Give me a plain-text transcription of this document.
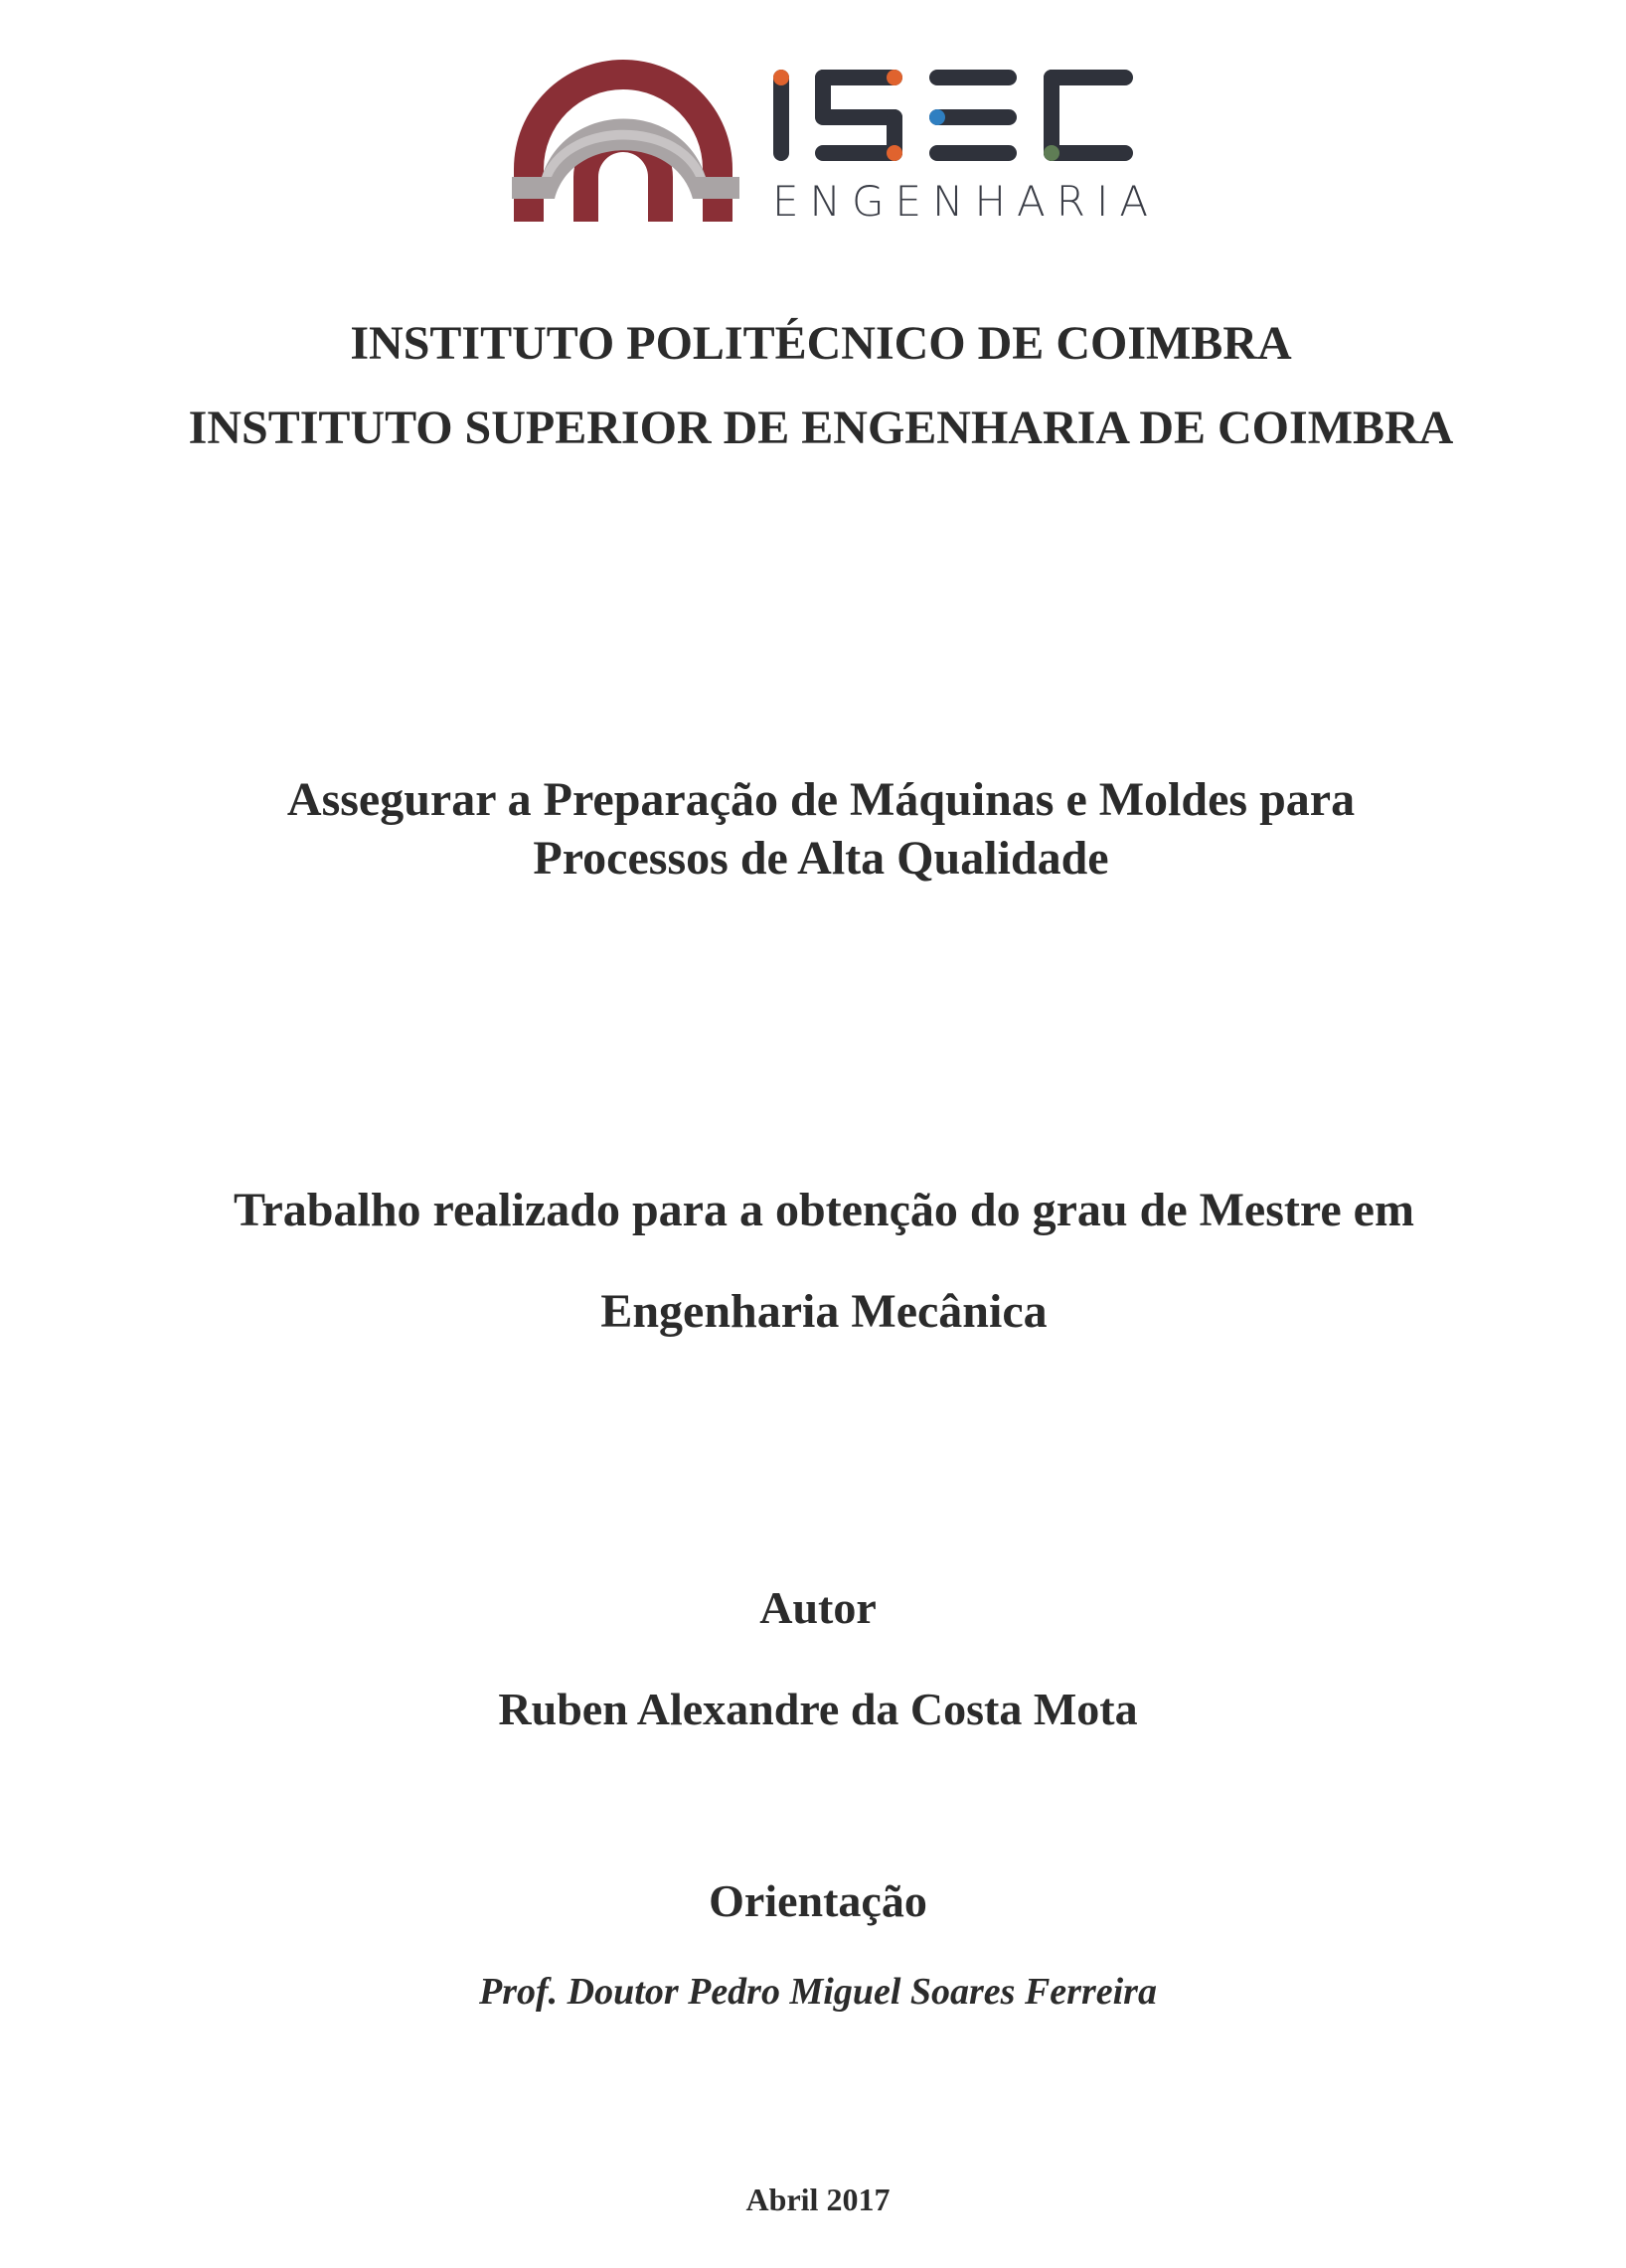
ENGENHARIA
INSTITUTO POLITÉCNICO DE COIMBRA
INSTITUTO SUPERIOR DE ENGENHARIA DE COIMBRA
Assegurar a Preparação de Máquinas e Moldes para
Processos de Alta Qualidade
Trabalho realizado para a obtenção do grau de Mestre em
Engenharia Mecânica
Autor
Ruben Alexandre da Costa Mota
Orientação
Prof. Doutor Pedro Miguel Soares Ferreira
Abril 2017
